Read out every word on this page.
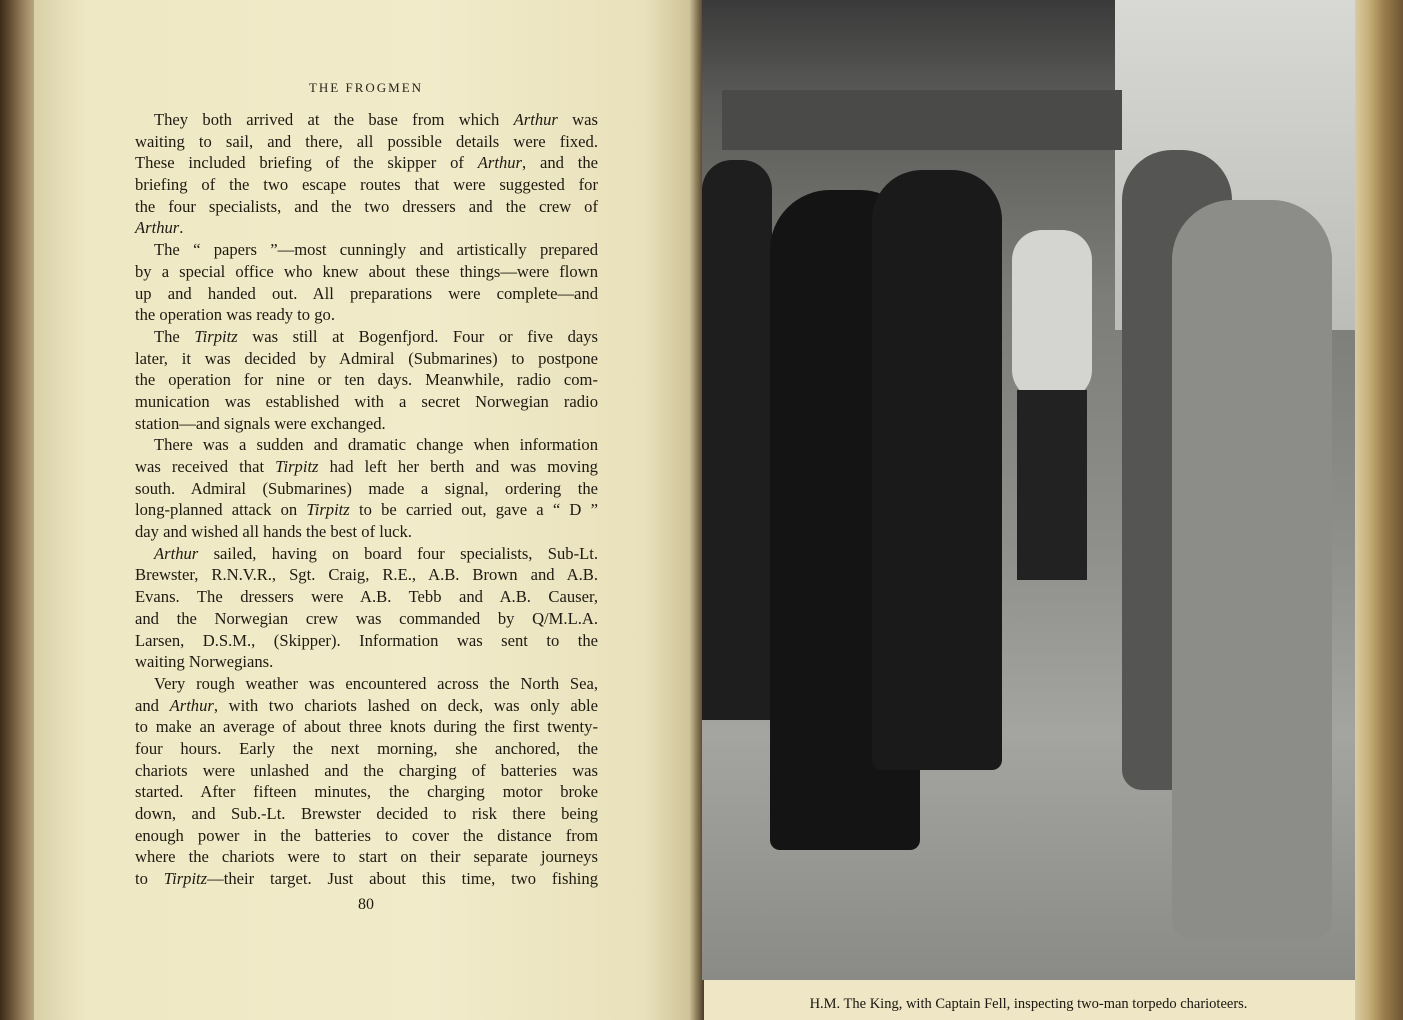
THE FROGMEN
They both arrived at the base from which Arthur was
waiting to sail, and there, all possible details were fixed.
These included briefing of the skipper of Arthur, and the
briefing of the two escape routes that were suggested for
the four specialists, and the two dressers and the crew of
Arthur.
The “ papers ”—most cunningly and artistically prepared
by a special office who knew about these things—were flown
up and handed out. All preparations were complete—and
the operation was ready to go.
The Tirpitz was still at Bogenfjord. Four or five days
later, it was decided by Admiral (Submarines) to postpone
the operation for nine or ten days. Meanwhile, radio com-
munication was established with a secret Norwegian radio
station—and signals were exchanged.
There was a sudden and dramatic change when information
was received that Tirpitz had left her berth and was moving
south. Admiral (Submarines) made a signal, ordering the
long-planned attack on Tirpitz to be carried out, gave a “ D ”
day and wished all hands the best of luck.
Arthur sailed, having on board four specialists, Sub-Lt.
Brewster, R.N.V.R., Sgt. Craig, R.E., A.B. Brown and A.B.
Evans. The dressers were A.B. Tebb and A.B. Causer,
and the Norwegian crew was commanded by Q/M.L.A.
Larsen, D.S.M., (Skipper). Information was sent to the
waiting Norwegians.
Very rough weather was encountered across the North Sea,
and Arthur, with two chariots lashed on deck, was only able
to make an average of about three knots during the first twenty-
four hours. Early the next morning, she anchored, the
chariots were unlashed and the charging of batteries was
started. After fifteen minutes, the charging motor broke
down, and Sub.-Lt. Brewster decided to risk there being
enough power in the batteries to cover the distance from
where the chariots were to start on their separate journeys
to Tirpitz—their target. Just about this time, two fishing
80
H.M. The King, with Captain Fell, inspecting two-man torpedo charioteers.
